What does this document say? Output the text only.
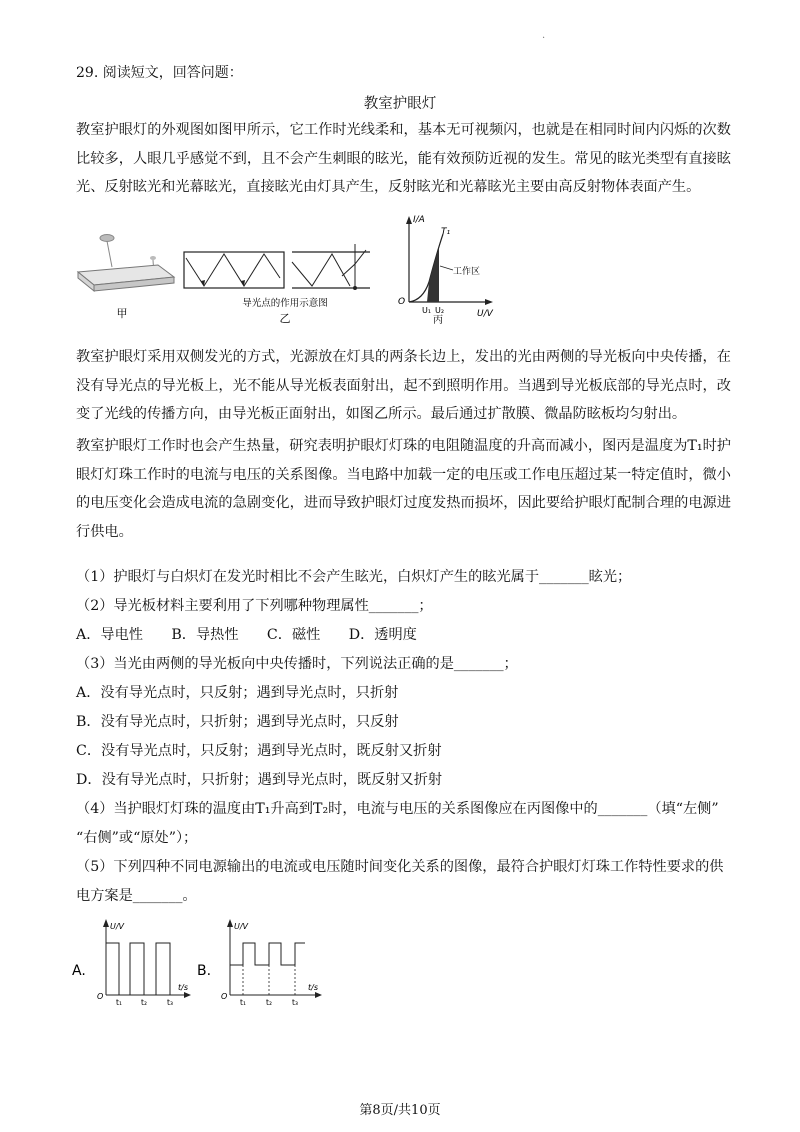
.
29. 阅读短文，回答问题：
教室护眼灯
教室护眼灯的外观图如图甲所示，它工作时光线柔和，基本无可视频闪，也就是在相同时间内闪烁的次数比较多，人眼几乎感觉不到，且不会产生刺眼的眩光，能有效预防近视的发生。常见的眩光类型有直接眩光、反射眩光和光幕眩光，直接眩光由灯具产生，反射眩光和光幕眩光主要由高反射物体表面产生。
甲
导光点的作用示意图
乙
I/A
U/V
O
T₁
工作区
U₁ U₂
丙
教室护眼灯采用双侧发光的方式，光源放在灯具的两条长边上，发出的光由两侧的导光板向中央传播，在没有导光点的导光板上，光不能从导光板表面射出，起不到照明作用。当遇到导光板底部的导光点时，改变了光线的传播方向，由导光板正面射出，如图乙所示。最后通过扩散膜、微晶防眩板均匀射出。
教室护眼灯工作时也会产生热量，研究表明护眼灯灯珠的电阻随温度的升高而减小，图丙是温度为T₁时护眼灯灯珠工作时的电流与电压的关系图像。当电路中加载一定的电压或工作电压超过某一特定值时，微小的电压变化会造成电流的急剧变化，进而导致护眼灯过度发热而损坏，因此要给护眼灯配制合理的电源进行供电。
（1）护眼灯与白炽灯在发光时相比不会产生眩光，白炽灯产生的眩光属于_______眩光；
（2）导光板材料主要利用了下列哪种物理属性_______；
A．导电性　　B．导热性　　C．磁性　　D．透明度
（3）当光由两侧的导光板向中央传播时，下列说法正确的是_______；
A．没有导光点时，只反射；遇到导光点时，只折射
B．没有导光点时，只折射；遇到导光点时，只反射
C．没有导光点时，只反射；遇到导光点时，既反射又折射
D．没有导光点时，只折射；遇到导光点时，既反射又折射
（4）当护眼灯灯珠的温度由T₁升高到T₂时，电流与电压的关系图像应在丙图像中的_______（填“左侧”
“右侧”或“原处”）；
（5）下列四种不同电源输出的电流或电压随时间变化关系的图像，最符合护眼灯灯珠工作特性要求的供
电方案是_______。
A.
U/V
t/s
O
t₁	t₂	t₃
B.
U/V
t/s
O
t₁	t₂	t₃
第8页/共10页
